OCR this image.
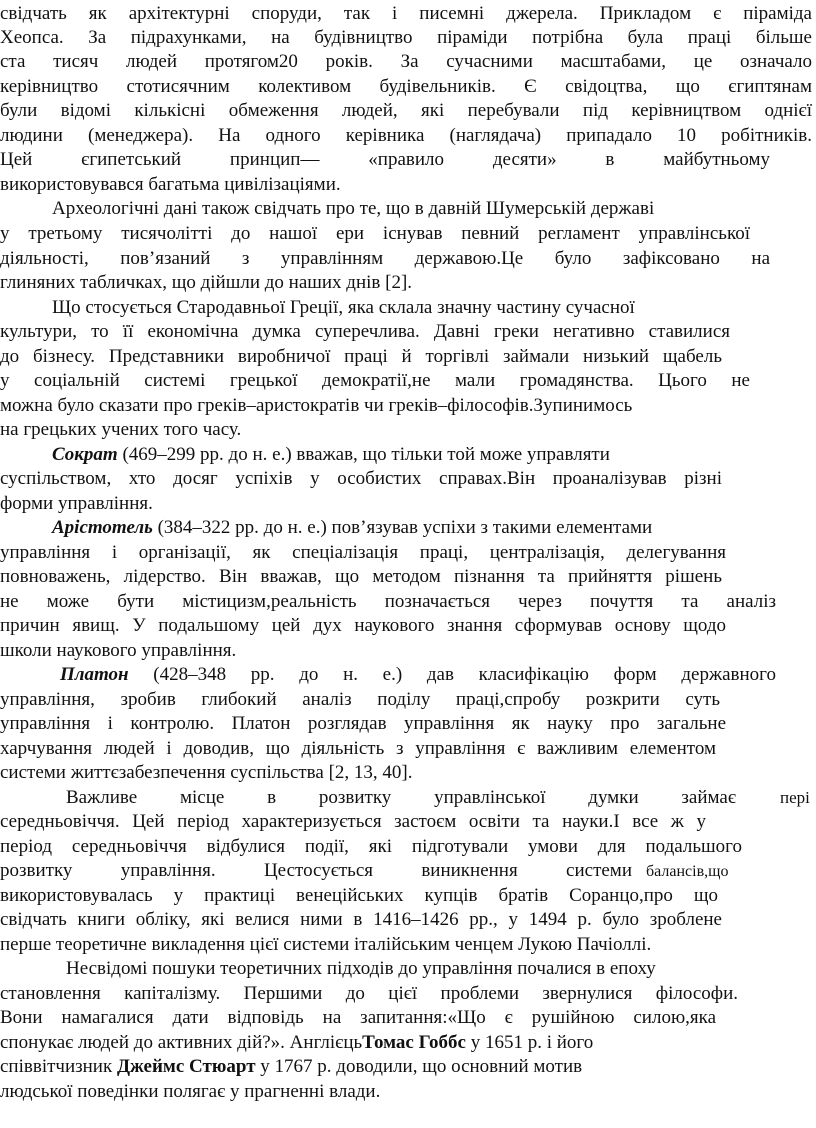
свідчать як архітектурні споруди, так і писемні джерела. Прикладом є піраміда
Хеопса. За підрахунками, на будівництво піраміди потрібна була праці більше
ста тисяч людей протягом20 років. За сучасними масштабами, це означало
керівництво стотисячним колективом будівельників. Є свідоцтва, що єгиптянам
були відомі кількісні обмеження людей, які перебували під керівництвом однієї
людини (менеджера). На одного керівника (наглядача) припадало 10 робітників.
Цей єгипетський принцип— «правило десяти» в майбутньому
використовувався багатьма цивілізаціями.
Археологічні дані також свідчать про те, що в давній Шумерській державі
у третьому тисячолітті до нашої ери існував певний регламент управлінської
діяльності, пов’язаний з управлінням державою.Це було зафіксовано на
глиняних табличках, що дійшли до наших днів [2].
Що стосується Стародавньої Греції, яка склала значну частину сучасної
культури, то її економічна думка суперечлива. Давні греки негативно ставилися
до бізнесу. Представники виробничої праці й торгівлі займали низький щабель
у соціальній системі грецької демократії,не мали громадянства. Цього не
можна було сказати про греків–аристократів чи греків–філософів.Зупинимось
на грецьких учених того часу.
Сократ (469–299 рр. до н. е.) вважав, що тільки той може управляти
суспільством, хто досяг успіхів у особистих справах.Він проаналізував різні
форми управління.
Арістотель (384–322 рр. до н. е.) пов’язував успіхи з такими елементами
управління і організації, як спеціалізація праці, централізація, делегування
повноважень, лідерство. Він вважав, що методом пізнання та прийняття рішень
не може бути містицизм,реальність позначається через почуття та аналіз
причин явищ. У подальшому цей дух наукового знання сформував основу щодо
школи наукового управління.
Платон (428–348 рр. до н. е.) дав класифікацію форм державного
управління, зробив глибокий аналіз поділу праці,спробу розкрити суть
управління і контролю. Платон розглядав управління як науку про загальне
харчування людей і доводив, що діяльність з управління є важливим елементом
системи життєзабезпечення суспільства [2, 13, 40].
Важливе місце в розвитку управлінської думки займає	пері
середньовіччя. Цей період характеризується застоєм освіти та науки.І все ж у
період середньовіччя відбулися події, які підготували умови для подальшого
розвитку управління. Цестосується виникнення системи балансів,що
використовувалась у практиці венеційських купців братів Соранцо,про що
свідчать книги обліку, які велися ними в 1416–1426 рр., у 1494 р. було зроблене
перше теоретичне викладення цієї системи італійським ченцем Лукою Пачіоллі.
Несвідомі пошуки теоретичних підходів до управління почалися в епоху
становлення капіталізму. Першими до цієї проблеми звернулися філософи.
Вони намагалися дати відповідь на запитання:«Що є рушійною силою,яка
спонукає людей до активних дій?». АнглієцьТомас Гоббс у 1651 р. і його
співвітчизник Джеймс Стюарт у 1767 р. доводили, що основний мотив
людської поведінки полягає у прагненні влади.
